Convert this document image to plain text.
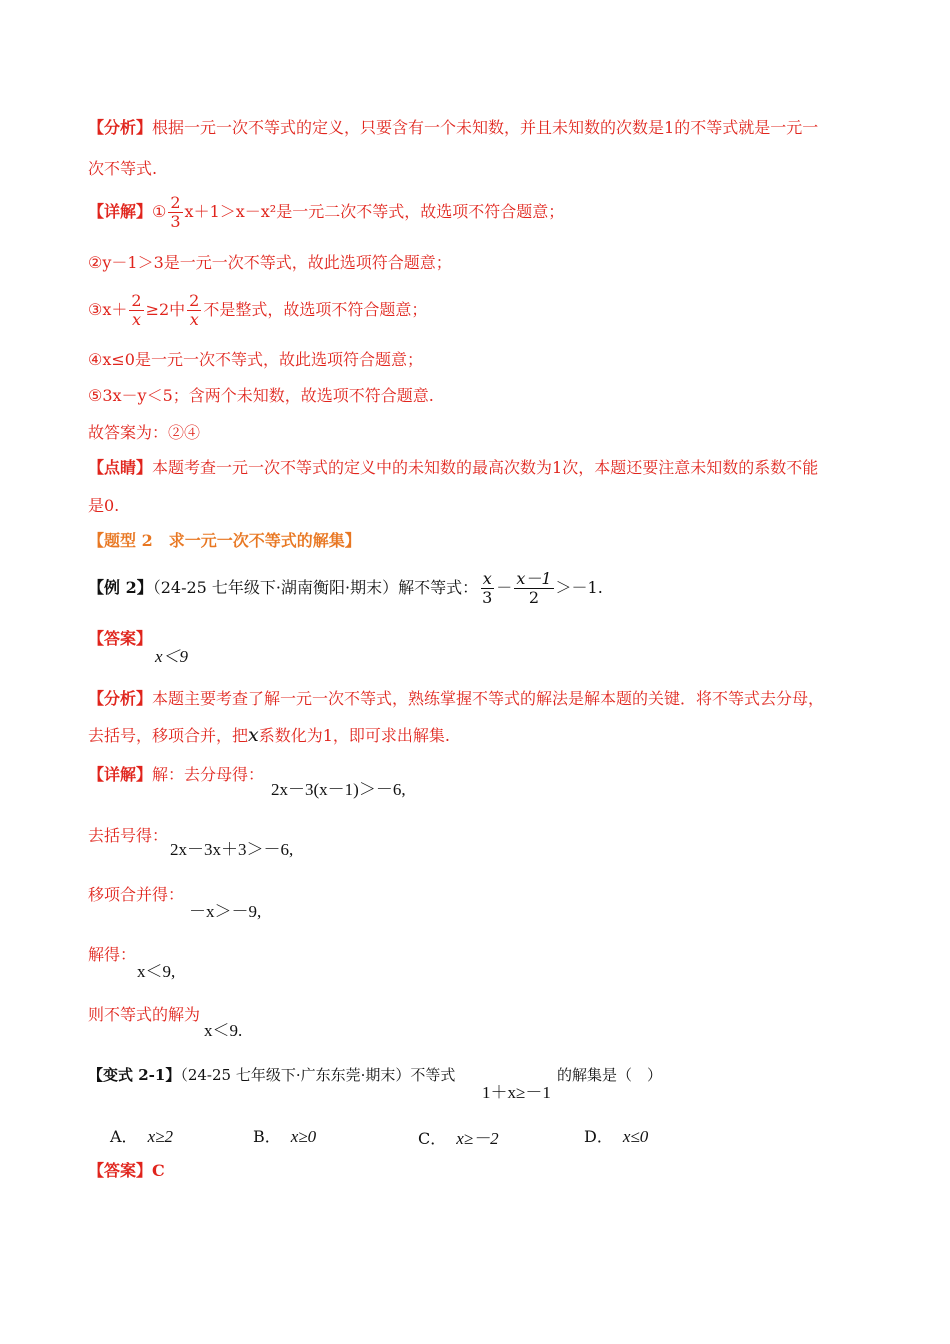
【分析】根据一元一次不等式的定义，只要含有一个未知数，并且未知数的次数是1的不等式就是一元一
次不等式.
【详解】① $\frac{2}{3} x+1>x-x^2$是一元二次不等式，故选项不符合题意；
②y－1＞3是一元一次不等式，故此选项符合题意；
③x＋ $\frac{2}{x} \ge 2$中 $\frac{2}{x}$ 不是整式，故选项不符合题意；
④x≤0是一元一次不等式，故此选项符合题意；
⑤3x－y＜5；含两个未知数，故选项不符合题意.
故答案为：②④
【点睛】本题考查一元一次不等式的定义中的未知数的最高次数为1次，本题还要注意未知数的系数不能
是0.
【题型 2　求一元一次不等式的解集】
【例 2】（24-25 七年级下·湖南衡阳·期末）解不等式： $\frac{x}{3} - \frac{x-1}{2} >-1$.
【答案】
x＜9
【分析】本题主要考查了解一元一次不等式，熟练掌握不等式的解法是解本题的关键．将不等式去分母，
去括号，移项合并，把x系数化为1，即可求出解集.
【详解】解：去分母得：
2x－3(x－1)＞－6,
去括号得：
2x－3x＋3＞－6,
移项合并得：
－x＞－9,
解得：
x＜9,
则不等式的解为
x＜9.
【变式 2-1】（24-25 七年级下·广东东莞·期末）不等式
1＋x≥－1
的解集是（　）
A． x≥2	B． x≥0	C． x≥－2	D． x≤0
【答案】C
